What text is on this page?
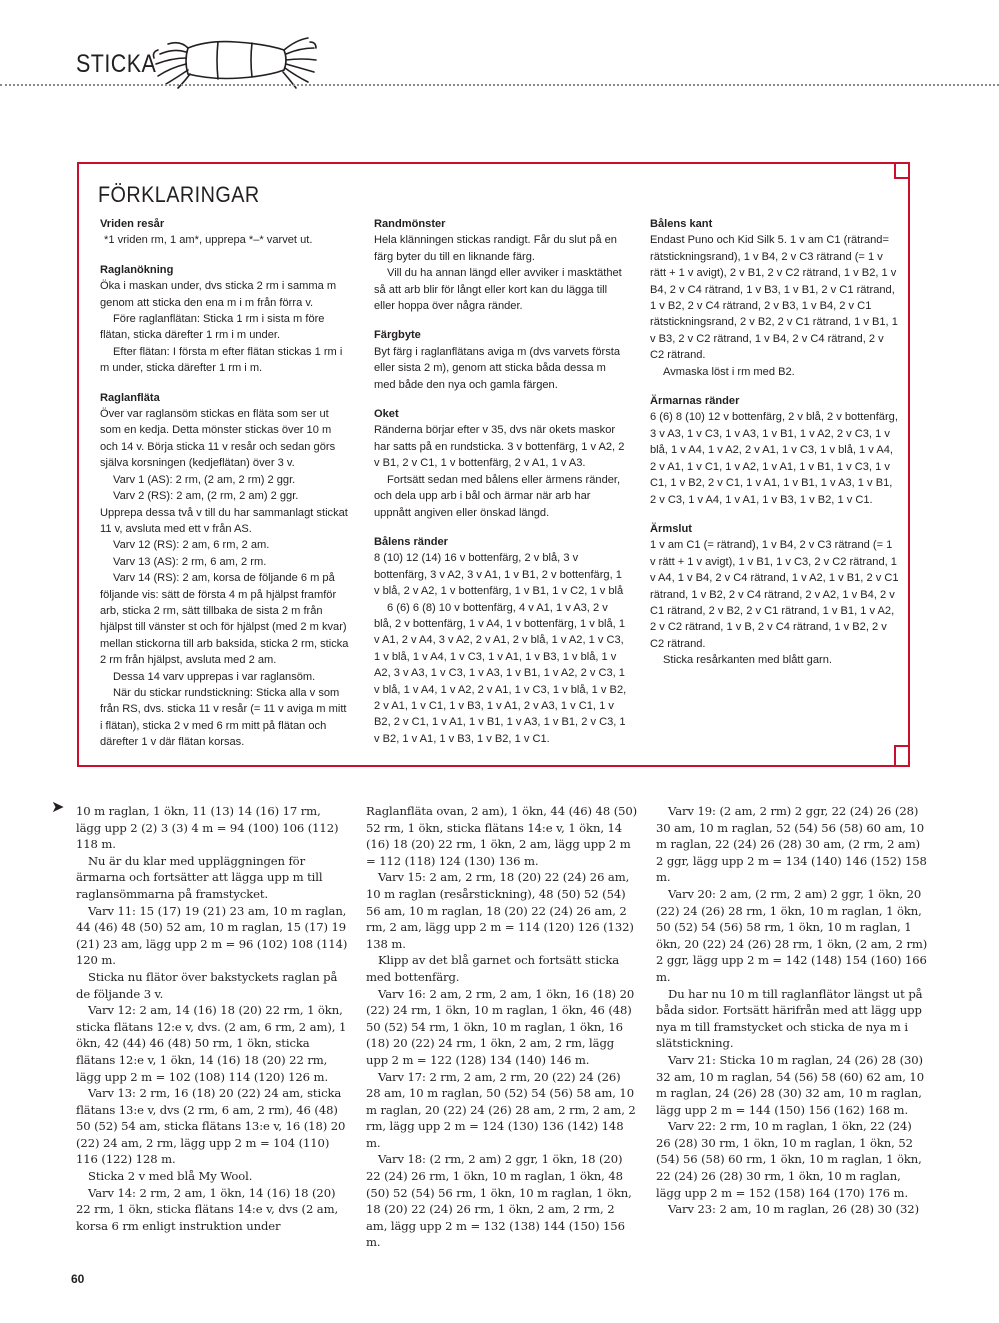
STICKA
FÖRKLARINGAR
Vriden resår

*1 vriden rm, 1 am*, upprepa *–* varvet ut.

Raglanökning

Öka i maskan under, dvs sticka 2 rm i samma m genom att sticka den ena m i m från förra v.

Före raglanflätan: Sticka 1 rm i sista m före flätan, sticka därefter 1 rm i m under.

Efter flätan: I första m efter flätan stickas 1 rm i m under, sticka därefter 1 rm i m.

Raglanfläta

Över var raglansöm stickas en fläta som ser ut som en kedja. Detta mönster stickas över 10 m och 14 v. Börja sticka 11 v resår och sedan görs själva korsningen (kedjeflätan) över 3 v.

Varv 1 (AS): 2 rm, (2 am, 2 rm) 2 ggr.

Varv 2 (RS): 2 am, (2 rm, 2 am) 2 ggr.

Upprepa dessa två v till du har sammanlagt stickat 11 v, avsluta med ett v från AS.

Varv 12 (RS): 2 am, 6 rm, 2 am.

Varv 13 (AS): 2 rm, 6 am, 2 rm.

Varv 14 (RS): 2 am, korsa de följande 6 m på följande vis: sätt de första 4 m på hjälpst framför arb, sticka 2 rm, sätt tillbaka de sista 2 m från hjälpst till vänster st och för hjälpst (med 2 m kvar) mellan stickorna till arb baksida, sticka 2 rm, sticka 2 rm från hjälpst, avsluta med 2 am.

Dessa 14 varv upprepas i var raglansöm.

När du stickar rundstickning: Sticka alla v som från RS, dvs. sticka 11 v resår (= 11 v aviga m mitt i flätan), sticka 2 v med 6 rm mitt på flätan och därefter 1 v där flätan korsas.

Randmönster

Hela klänningen stickas randigt. Får du slut på en färg byter du till en liknande färg.

Vill du ha annan längd eller avviker i masktäthet så att arb blir för långt eller kort kan du lägga till eller hoppa över några ränder.

Färgbyte

Byt färg i raglanflätans aviga m (dvs varvets första eller sista 2 m), genom att sticka båda dessa m med både den nya och gamla färgen.

Oket

Ränderna börjar efter v 35, dvs när okets maskor har satts på en rundsticka. 3 v bottenfärg, 1 v A2, 2 v B1, 2 v C1, 1 v bottenfärg, 2 v A1, 1 v A3.

Fortsätt sedan med bålens eller ärmens ränder, och dela upp arb i bål och ärmar när arb har uppnått angiven eller önskad längd.

Bålens ränder

8 (10) 12 (14) 16 v bottenfärg, 2 v blå, 3 v bottenfärg, 3 v A2, 3 v A1, 1 v B1, 2 v bottenfärg, 1 v blå, 2 v A2, 1 v bottenfärg, 1 v B1, 1 v C2, 1 v blå

6 (6) 6 (8) 10 v bottenfärg, 4 v A1, 1 v A3, 2 v blå, 2 v bottenfärg, 1 v A4, 1 v bottenfärg, 1 v blå, 1 v A1, 2 v A4, 3 v A2, 2 v A1, 2 v blå, 1 v A2, 1 v C3, 1 v blå, 1 v A4, 1 v C3, 1 v A1, 1 v B3, 1 v blå, 1 v A2, 3 v A3, 1 v C3, 1 v A3, 1 v B1, 1 v A2, 2 v C3, 1 v blå, 1 v A4, 1 v A2, 2 v A1, 1 v C3, 1 v blå, 1 v B2, 2 v A1, 1 v C1, 1 v B3, 1 v A1, 2 v A3, 1 v C1, 1 v B2, 2 v C1, 1 v A1, 1 v B1, 1 v A3, 1 v B1, 2 v C3, 1 v B2, 1 v A1, 1 v B3, 1 v B2, 1 v C1.

Bålens kant

Endast Puno och Kid Silk 5. 1 v am C1 (rätrand= rätstickningsrand), 1 v B4, 2 v C3 rätrand (= 1 v rätt + 1 v avigt), 2 v B1, 2 v C2 rätrand, 1 v B2, 1 v B4, 2 v C4 rätrand, 1 v B3, 1 v B1, 2 v C1 rätrand, 1 v B2, 2 v C4 rätrand, 2 v B3, 1 v B4, 2 v C1 rätstickningsrand, 2 v B2, 2 v C1 rätrand, 1 v B1, 1 v B3, 2 v C2 rätrand, 1 v B4, 2 v C4 rätrand, 2 v C2 rätrand.

Avmaska löst i rm med B2.

Ärmarnas ränder

6 (6) 8 (10) 12 v bottenfärg, 2 v blå, 2 v bottenfärg, 3 v A3, 1 v C3, 1 v A3, 1 v B1, 1 v A2, 2 v C3, 1 v blå, 1 v A4, 1 v A2, 2 v A1, 1 v C3, 1 v blå, 1 v A4, 2 v A1, 1 v C1, 1 v A2, 1 v A1, 1 v B1, 1 v C3, 1 v C1, 1 v B2, 2 v C1, 1 v A1, 1 v B1, 1 v A3, 1 v B1, 2 v C3, 1 v A4, 1 v A1, 1 v B3, 1 v B2, 1 v C1.

Ärmslut

1 v am C1 (= rätrand), 1 v B4, 2 v C3 rätrand (= 1 v rätt + 1 v avigt), 1 v B1, 1 v C3, 2 v C2 rätrand, 1 v A4, 1 v B4, 2 v C4 rätrand, 1 v A2, 1 v B1, 2 v C1 rätrand, 1 v B2, 2 v C4 rätrand, 2 v A2, 1 v B4, 2 v C1 rätrand, 2 v B2, 2 v C1 rätrand, 1 v B1, 1 v A2, 2 v C2 rätrand, 1 v B, 2 v C4 rätrand, 1 v B2, 2 v C2 rätrand.

Sticka resårkanten med blått garn.

➤ 10 m raglan, 1 ökn, 11 (13) 14 (16) 17 rm, lägg upp 2 (2) 3 (3) 4 m = 94 (100) 106 (112) 118 m.

Nu är du klar med uppläggningen för ärmarna och fortsätter att lägga upp m till raglansömmarna på framstycket.

Varv 11: 15 (17) 19 (21) 23 am, 10 m raglan, 44 (46) 48 (50) 52 am, 10 m raglan, 15 (17) 19 (21) 23 am, lägg upp 2 m = 96 (102) 108 (114) 120 m.

Sticka nu flätor över bakstyckets raglan på de följande 3 v.

Varv 12: 2 am, 14 (16) 18 (20) 22 rm, 1 ökn, sticka flätans 12:e v, dvs. (2 am, 6 rm, 2 am), 1 ökn, 42 (44) 46 (48) 50 rm, 1 ökn, sticka flätans 12:e v, 1 ökn, 14 (16) 18 (20) 22 rm, lägg upp 2 m = 102 (108) 114 (120) 126 m.

Varv 13: 2 rm, 16 (18) 20 (22) 24 am, sticka flätans 13:e v, dvs (2 rm, 6 am, 2 rm), 46 (48) 50 (52) 54 am, sticka flätans 13:e v, 16 (18) 20 (22) 24 am, 2 rm, lägg upp 2 m = 104 (110) 116 (122) 128 m.

Sticka 2 v med blå My Wool.

Varv 14: 2 rm, 2 am, 1 ökn, 14 (16) 18 (20) 22 rm, 1 ökn, sticka flätans 14:e v, dvs (2 am, korsa 6 rm enligt instruktion under

Raglanfläta ovan, 2 am), 1 ökn, 44 (46) 48 (50) 52 rm, 1 ökn, sticka flätans 14:e v, 1 ökn, 14 (16) 18 (20) 22 rm, 1 ökn, 2 am, lägg upp 2 m = 112 (118) 124 (130) 136 m.

Varv 15: 2 am, 2 rm, 18 (20) 22 (24) 26 am, 10 m raglan (resårstickning), 48 (50) 52 (54) 56 am, 10 m raglan, 18 (20) 22 (24) 26 am, 2 rm, 2 am, lägg upp 2 m = 114 (120) 126 (132) 138 m.

Klipp av det blå garnet och fortsätt sticka med bottenfärg.

Varv 16: 2 am, 2 rm, 2 am, 1 ökn, 16 (18) 20 (22) 24 rm, 1 ökn, 10 m raglan, 1 ökn, 46 (48) 50 (52) 54 rm, 1 ökn, 10 m raglan, 1 ökn, 16 (18) 20 (22) 24 rm, 1 ökn, 2 am, 2 rm, lägg upp 2 m = 122 (128) 134 (140) 146 m.

Varv 17: 2 rm, 2 am, 2 rm, 20 (22) 24 (26) 28 am, 10 m raglan, 50 (52) 54 (56) 58 am, 10 m raglan, 20 (22) 24 (26) 28 am, 2 rm, 2 am, 2 rm, lägg upp 2 m = 124 (130) 136 (142) 148 m.

Varv 18: (2 rm, 2 am) 2 ggr, 1 ökn, 18 (20) 22 (24) 26 rm, 1 ökn, 10 m raglan, 1 ökn, 48 (50) 52 (54) 56 rm, 1 ökn, 10 m raglan, 1 ökn, 18 (20) 22 (24) 26 rm, 1 ökn, 2 am, 2 rm, 2 am, lägg upp 2 m = 132 (138) 144 (150) 156 m.

Varv 19: (2 am, 2 rm) 2 ggr, 22 (24) 26 (28) 30 am, 10 m raglan, 52 (54) 56 (58) 60 am, 10 m raglan, 22 (24) 26 (28) 30 am, (2 rm, 2 am) 2 ggr, lägg upp 2 m = 134 (140) 146 (152) 158 m.

Varv 20: 2 am, (2 rm, 2 am) 2 ggr, 1 ökn, 20 (22) 24 (26) 28 rm, 1 ökn, 10 m raglan, 1 ökn, 50 (52) 54 (56) 58 rm, 1 ökn, 10 m raglan, 1 ökn, 20 (22) 24 (26) 28 rm, 1 ökn, (2 am, 2 rm) 2 ggr, lägg upp 2 m = 142 (148) 154 (160) 166 m.

Du har nu 10 m till raglanflätor längst ut på båda sidor. Fortsätt härifrån med att lägg upp nya m till framstycket och sticka de nya m i slätstickning.

Varv 21: Sticka 10 m raglan, 24 (26) 28 (30) 32 am, 10 m raglan, 54 (56) 58 (60) 62 am, 10 m raglan, 24 (26) 28 (30) 32 am, 10 m raglan, lägg upp 2 m = 144 (150) 156 (162) 168 m.

Varv 22: 2 rm, 10 m raglan, 1 ökn, 22 (24) 26 (28) 30 rm, 1 ökn, 10 m raglan, 1 ökn, 52 (54) 56 (58) 60 rm, 1 ökn, 10 m raglan, 1 ökn, 22 (24) 26 (28) 30 rm, 1 ökn, 10 m raglan, lägg upp 2 m = 152 (158) 164 (170) 176 m.

Varv 23: 2 am, 10 m raglan, 26 (28) 30 (32)

60
